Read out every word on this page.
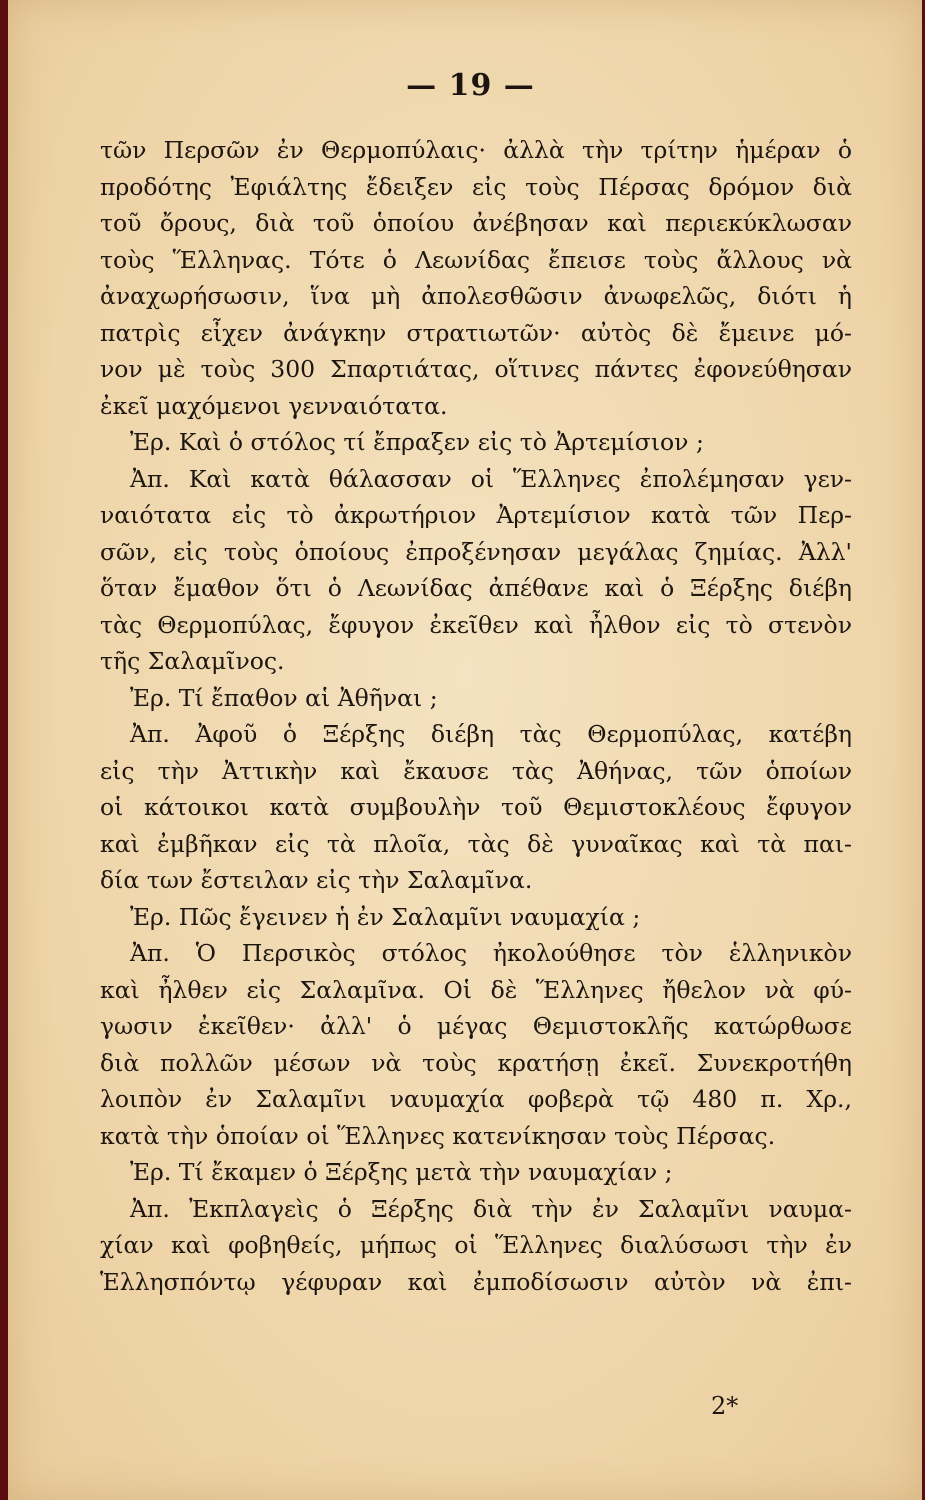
— 19 —
τῶν Περσῶν ἐν Θερμοπύλαις· ἀλλὰ τὴν τρίτην ἡμέραν ὁ
προδότης Ἐφιάλτης ἔδειξεν εἰς τοὺς Πέρσας δρόμον διὰ
τοῦ ὄρους, διὰ τοῦ ὁποίου ἀνέβησαν καὶ περιεκύκλωσαν
τοὺς Ἕλληνας. Τότε ὁ Λεωνίδας ἔπεισε τοὺς ἄλλους νὰ
ἀναχωρήσωσιν, ἵνα μὴ ἀπολεσθῶσιν ἀνωφελῶς, διότι ἡ
πατρὶς εἶχεν ἀνάγκην στρατιωτῶν· αὐτὸς δὲ ἔμεινε μό-
νον μὲ τοὺς 300 Σπαρτιάτας, οἵτινες πάντες ἐφονεύθησαν
ἐκεῖ μαχόμενοι γενναιότατα.
Ἐρ. Καὶ ὁ στόλος τί ἔπραξεν εἰς τὸ Ἀρτεμίσιον ;
Ἀπ. Καὶ κατὰ θάλασσαν οἱ Ἕλληνες ἐπολέμησαν γεν-
ναιότατα εἰς τὸ ἀκρωτήριον Ἀρτεμίσιον κατὰ τῶν Περ-
σῶν, εἰς τοὺς ὁποίους ἐπροξένησαν μεγάλας ζημίας. Ἀλλ'
ὅταν ἔμαθον ὅτι ὁ Λεωνίδας ἀπέθανε καὶ ὁ Ξέρξης διέβη
τὰς Θερμοπύλας, ἔφυγον ἐκεῖθεν καὶ ἦλθον εἰς τὸ στενὸν
τῆς Σαλαμῖνος.
Ἐρ. Τί ἔπαθον αἱ Ἀθῆναι ;
Ἀπ. Ἀφοῦ ὁ Ξέρξης διέβη τὰς Θερμοπύλας, κατέβη
εἰς τὴν Ἀττικὴν καὶ ἔκαυσε τὰς Ἀθήνας, τῶν ὁποίων
οἱ κάτοικοι κατὰ συμβουλὴν τοῦ Θεμιστοκλέους ἔφυγον
καὶ ἐμβῆκαν εἰς τὰ πλοῖα, τὰς δὲ γυναῖκας καὶ τὰ παι-
δία των ἔστειλαν εἰς τὴν Σαλαμῖνα.
Ἐρ. Πῶς ἔγεινεν ἡ ἐν Σαλαμῖνι ναυμαχία ;
Ἀπ. Ὁ Περσικὸς στόλος ἠκολούθησε τὸν ἑλληνικὸν
καὶ ἦλθεν εἰς Σαλαμῖνα. Οἱ δὲ Ἕλληνες ἤθελον νὰ φύ-
γωσιν ἐκεῖθεν· ἀλλ' ὁ μέγας Θεμιστοκλῆς κατώρθωσε
διὰ πολλῶν μέσων νὰ τοὺς κρατήσῃ ἐκεῖ. Συνεκροτήθη
λοιπὸν ἐν Σαλαμῖνι ναυμαχία φοβερὰ τῷ 480 π. Χρ.,
κατὰ τὴν ὁποίαν οἱ Ἕλληνες κατενίκησαν τοὺς Πέρσας.
Ἐρ. Τί ἔκαμεν ὁ Ξέρξης μετὰ τὴν ναυμαχίαν ;
Ἀπ. Ἐκπλαγεὶς ὁ Ξέρξης διὰ τὴν ἐν Σαλαμῖνι ναυμα-
χίαν καὶ φοβηθείς, μήπως οἱ Ἕλληνες διαλύσωσι τὴν ἐν
Ἑλλησπόντῳ γέφυραν καὶ ἐμποδίσωσιν αὐτὸν νὰ ἐπι-
2*
